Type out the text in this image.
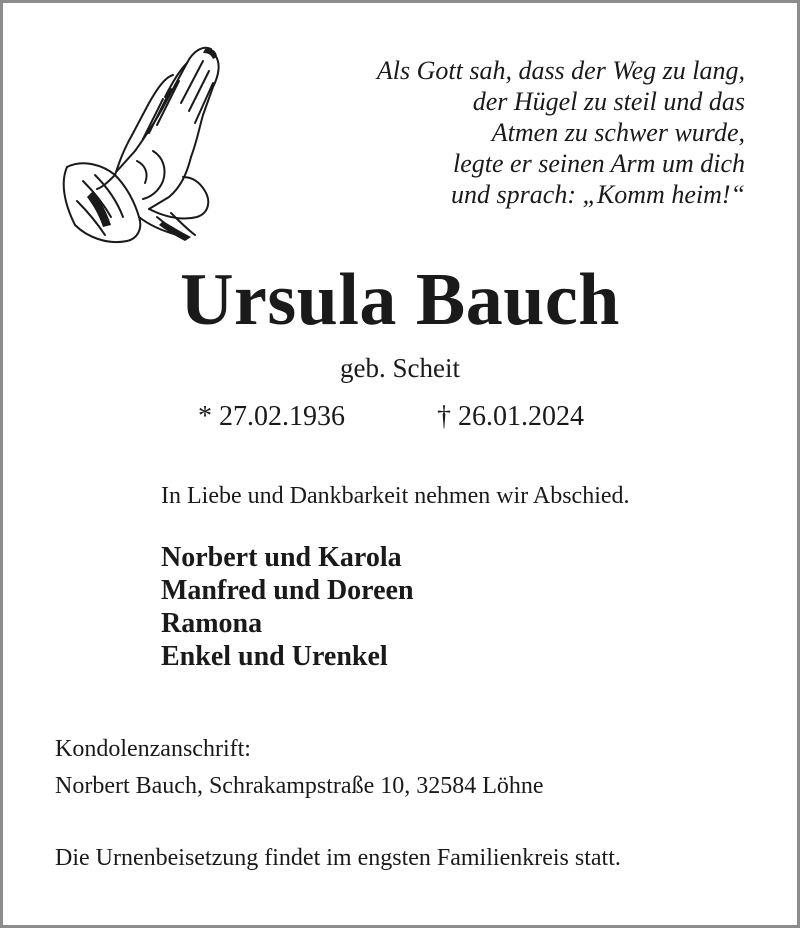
Als Gott sah, dass der Weg zu lang,
der Hügel zu steil und das
Atmen zu schwer wurde,
legte er seinen Arm um dich
und sprach: „Komm heim!“
Ursula Bauch
geb. Scheit
* 27.02.1936	† 26.01.2024
In Liebe und Dankbarkeit nehmen wir Abschied.
Norbert und Karola
Manfred und Doreen
Ramona
Enkel und Urenkel
Kondolenzanschrift:
Norbert Bauch, Schrakampstraße 10, 32584 Löhne
Die Urnenbeisetzung findet im engsten Familienkreis statt.
